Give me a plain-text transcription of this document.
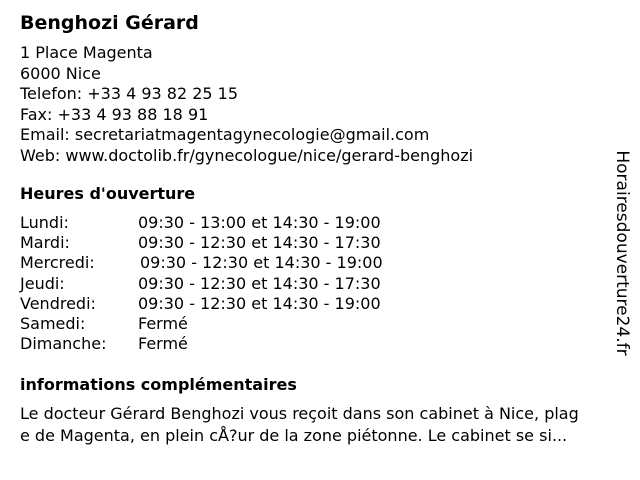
Benghozi Gérard
1 Place Magenta
6000 Nice
Telefon: +33 4 93 82 25 15
Fax: +33 4 93 88 18 91
Email: secretariatmagentagynecologie@gmail.com
Web: www.doctolib.fr/gynecologue/nice/gerard-benghozi
Heures d'ouverture
Lundi:	09:30 - 13:00 et 14:30 - 19:00
Mardi:	09:30 - 12:30 et 14:30 - 17:30
Mercredi:	09:30 - 12:30 et 14:30 - 19:00
Jeudi:	09:30 - 12:30 et 14:30 - 17:30
Vendredi:	09:30 - 12:30 et 14:30 - 19:00
Samedi:	Fermé
Dimanche: Fermé
informations complémentaires
Le docteur Gérard Benghozi vous reçoit dans son cabinet à Nice, plag
e de Magenta, en plein cÅ?ur de la zone piétonne. Le cabinet se si...
Horairesdouverture24.fr
